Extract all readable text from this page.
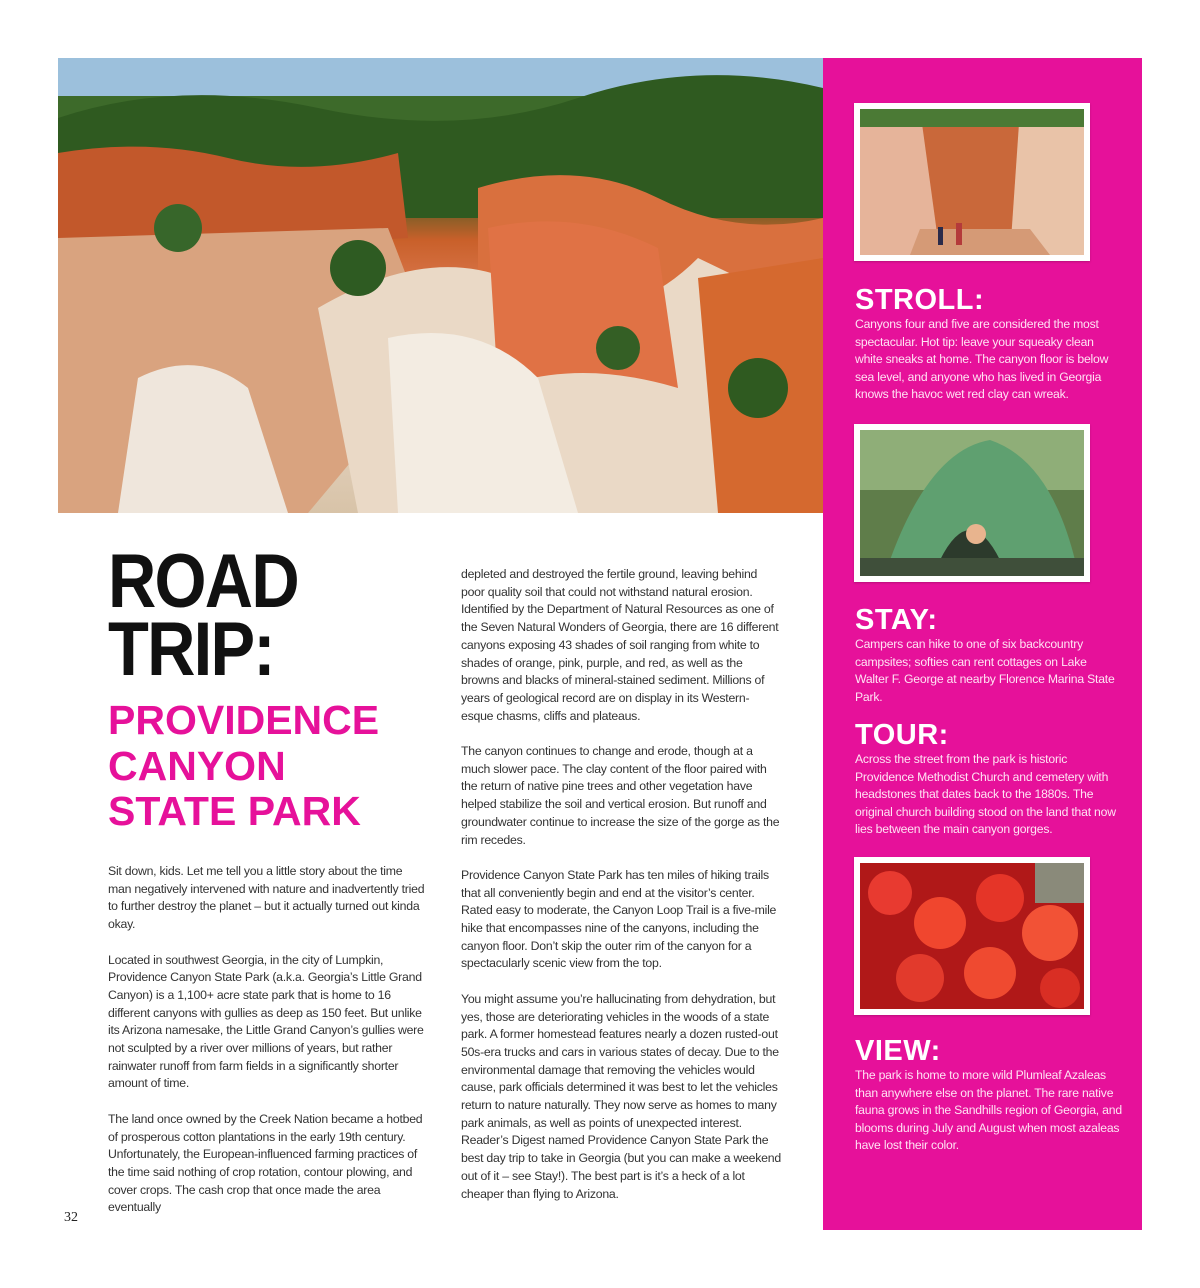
STROLL:
Canyons four and five are considered the most spectacular. Hot tip: leave your squeaky clean white sneaks at home. The canyon floor is below sea level, and anyone who has lived in Georgia knows the havoc wet red clay can wreak.
STAY:
Campers can hike to one of six backcountry campsites; softies can rent cottages on Lake Walter F. George at nearby Florence Marina State Park.
TOUR:
Across the street from the park is historic Providence Methodist Church and cemetery with headstones that dates back to the 1880s. The original church building stood on the land that now lies between the main canyon gorges.
VIEW:
The park is home to more wild Plumleaf Azaleas than anywhere else on the planet. The rare native fauna grows in the Sandhills region of Georgia, and blooms during July and August when most azaleas have lost their color.
ROAD
TRIP:
PROVIDENCE
CANYON
STATE PARK

Sit down, kids. Let me tell you a little story about the time man negatively intervened with nature and inadvertently tried to further destroy the planet – but it actually turned out kinda okay.

Located in southwest Georgia, in the city of Lumpkin, Providence Canyon State Park (a.k.a. Georgia’s Little Grand Canyon) is a 1,100+ acre state park that is home to 16 different canyons with gullies as deep as 150 feet. But unlike its Arizona namesake, the Little Grand Canyon’s gullies were not sculpted by a river over millions of years, but rather rainwater runoff from farm fields in a significantly shorter amount of time.

The land once owned by the Creek Nation became a hotbed of prosperous cotton plantations in the early 19th century. Unfortunately, the European-influenced farming practices of the time said nothing of crop rotation, contour plowing, and cover crops. The cash crop that once made the area eventually

depleted and destroyed the fertile ground, leaving behind poor quality soil that could not withstand natural erosion. Identified by the Department of Natural Resources as one of the Seven Natural Wonders of Georgia, there are 16 different canyons exposing 43 shades of soil ranging from white to shades of orange, pink, purple, and red, as well as the browns and blacks of mineral-stained sediment. Millions of years of geological record are on display in its Western-esque chasms, cliffs and plateaus.

The canyon continues to change and erode, though at a much slower pace. The clay content of the floor paired with the return of native pine trees and other vegetation have helped stabilize the soil and vertical erosion. But runoff and groundwater continue to increase the size of the gorge as the rim recedes.

Providence Canyon State Park has ten miles of hiking trails that all conveniently begin and end at the visitor’s center. Rated easy to moderate, the Canyon Loop Trail is a five-mile hike that encompasses nine of the canyons, including the canyon floor. Don’t skip the outer rim of the canyon for a spectacularly scenic view from the top.

You might assume you’re hallucinating from dehydration, but yes, those are deteriorating vehicles in the woods of a state park. A former homestead features nearly a dozen rusted-out 50s-era trucks and cars in various states of decay. Due to the environmental damage that removing the vehicles would cause, park officials determined it was best to let the vehicles return to nature naturally. They now serve as homes to many park animals, as well as points of unexpected interest. Reader’s Digest named Providence Canyon State Park the best day trip to take in Georgia (but you can make a weekend out of it – see Stay!). The best part is it’s a heck of a lot cheaper than flying to Arizona.

32
